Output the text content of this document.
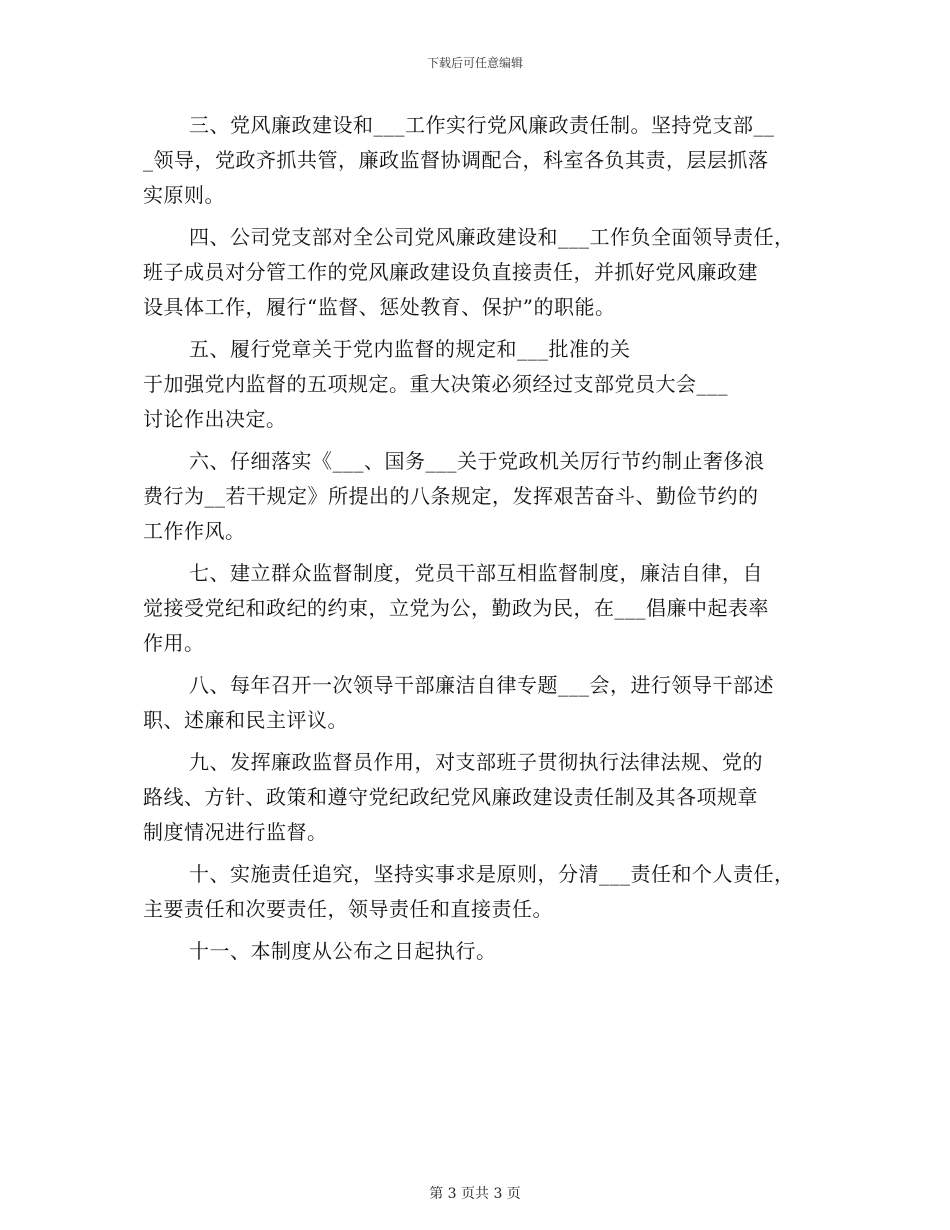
下载后可任意编辑
三、党风廉政建设和___工作实行党风廉政责任制。坚持党支部__
_领导，党政齐抓共管，廉政监督协调配合，科室各负其责，层层抓落
实原则。
四、公司党支部对全公司党风廉政建设和___工作负全面领导责任，
班子成员对分管工作的党风廉政建设负直接责任，并抓好党风廉政建
设具体工作，履行“监督、惩处教育、保护”的职能。
五、履行党章关于党内监督的规定和___批准的关
于加强党内监督的五项规定。重大决策必须经过支部党员大会___
讨论作出决定。
六、仔细落实《___、国务___关于党政机关厉行节约制止奢侈浪
费行为__若干规定》所提出的八条规定，发挥艰苦奋斗、勤俭节约的
工作作风。
七、建立群众监督制度，党员干部互相监督制度，廉洁自律，自
觉接受党纪和政纪的约束，立党为公，勤政为民，在___倡廉中起表率
作用。
八、每年召开一次领导干部廉洁自律专题___会，进行领导干部述
职、述廉和民主评议。
九、发挥廉政监督员作用，对支部班子贯彻执行法律法规、党的
路线、方针、政策和遵守党纪政纪党风廉政建设责任制及其各项规章
制度情况进行监督。
十、实施责任追究，坚持实事求是原则，分清___责任和个人责任，
主要责任和次要责任，领导责任和直接责任。
十一、本制度从公布之日起执行。
第 3 页共 3 页
